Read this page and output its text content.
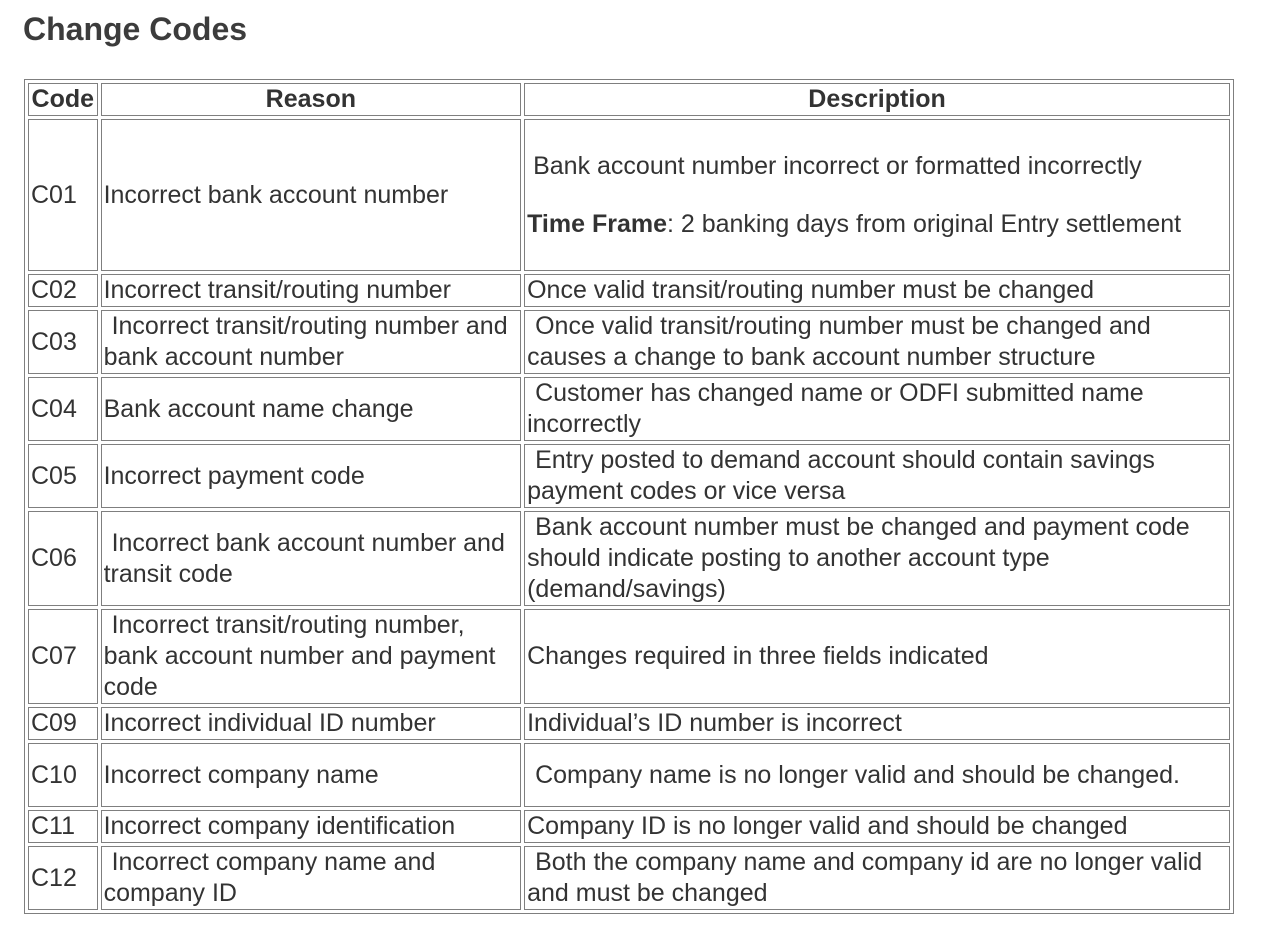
Change Codes
Code	Reason	Description
C01	Incorrect bank account number	Bank account number incorrect or formatted incorrectly
Time Frame: 2 banking days from original Entry settlement

C02	Incorrect transit/routing number	Once valid transit/routing number must be changed
C03	Incorrect transit/routing number and bank account number	Once valid transit/routing number must be changed and causes a change to bank account number structure
C04	Bank account name change	Customer has changed name or ODFI submitted name incorrectly
C05	Incorrect payment code	Entry posted to demand account should contain savings payment codes or vice versa
C06	Incorrect bank account number and transit code	Bank account number must be changed and payment code should indicate posting to another account type (demand/savings)
C07	Incorrect transit/routing number, bank account number and payment code	Changes required in three fields indicated
C09	Incorrect individual ID number	Individual’s ID number is incorrect
C10	Incorrect company name	Company name is no longer valid and should be changed.
C11	Incorrect company identification	Company ID is no longer valid and should be changed
C12	Incorrect company name and company ID	Both the company name and company id are no longer valid and must be changed
